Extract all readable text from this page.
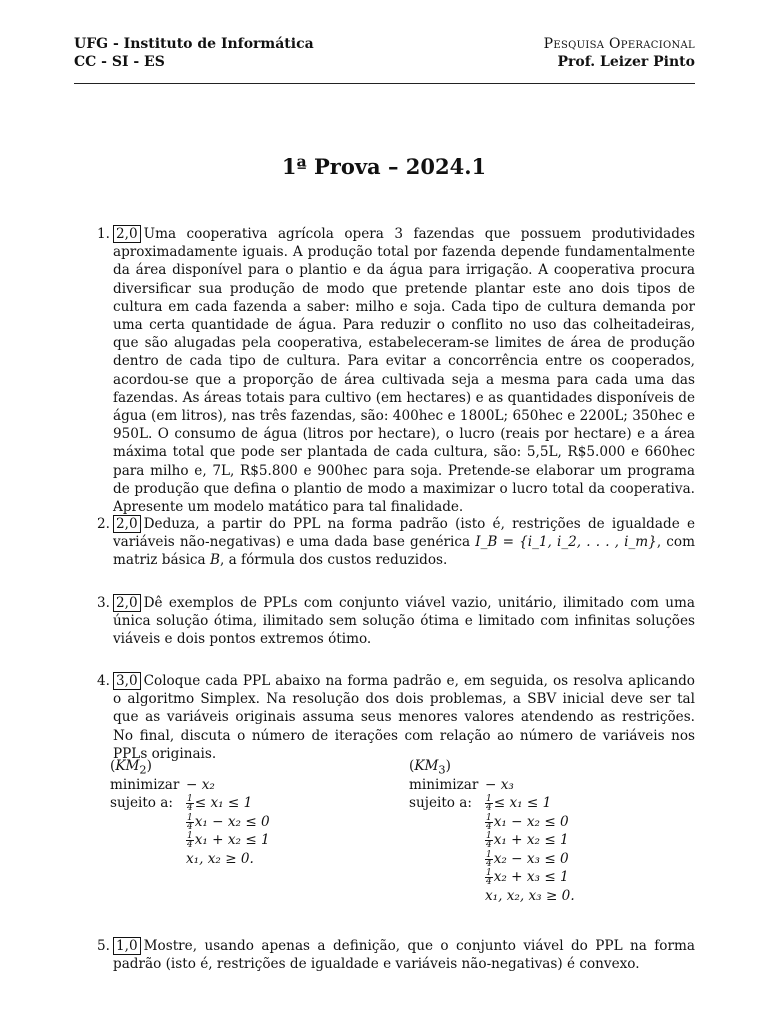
UFG - Instituto de Informática
CC - SI - ES
Pesquisa Operacional
Prof. Leizer Pinto
1ª Prova – 2024.1
1. 2,0 Uma cooperativa agrícola opera 3 fazendas que possuem produtividades aproximadamente iguais. A produção total por fazenda depende fundamentalmente da área disponível para o plantio e da água para irrigação. A cooperativa procura diversificar sua produção de modo que pretende plantar este ano dois tipos de cultura em cada fazenda a saber: milho e soja. Cada tipo de cultura demanda por uma certa quantidade de água. Para reduzir o conflito no uso das colheitadeiras, que são alugadas pela cooperativa, estabeleceram-se limites de área de produção dentro de cada tipo de cultura. Para evitar a concorrência entre os cooperados, acordou-se que a proporção de área cultivada seja a mesma para cada uma das fazendas. As áreas totais para cultivo (em hectares) e as quantidades disponíveis de água (em litros), nas três fazendas, são: 400hec e 1800L; 650hec e 2200L; 350hec e 950L. O consumo de água (litros por hectare), o lucro (reais por hectare) e a área máxima total que pode ser plantada de cada cultura, são: 5,5L, R$5.000 e 660hec para milho e, 7L, R$5.800 e 900hec para soja. Pretende-se elaborar um programa de produção que defina o plantio de modo a maximizar o lucro total da cooperativa. Apresente um modelo matático para tal finalidade.
2. 2,0 Deduza, a partir do PPL na forma padrão (isto é, restrições de igualdade e variáveis não-negativas) e uma dada base genérica I_B = {i_1, i_2, . . . , i_m}, com matriz básica B, a fórmula dos custos reduzidos.
3. 2,0 Dê exemplos de PPLs com conjunto viável vazio, unitário, ilimitado com uma única solução ótima, ilimitado sem solução ótima e limitado com infinitas soluções viáveis e dois pontos extremos ótimo.
4. 3,0 Coloque cada PPL abaixo na forma padrão e, em seguida, os resolva aplicando o algoritmo Simplex. Na resolução dos dois problemas, a SBV inicial deve ser tal que as variáveis originais assuma seus menores valores atendendo as restrições. No final, discuta o número de iterações com relação ao número de variáveis nos PPLs originais.
$(KM_2)$
minimizar − x₂
sujeito a: $\frac{1}{4} \le x_1 \le 1$
$\frac{1}{4} x_1 - x_2 \le 0$
$\frac{1}{4} x_1 + x_2 \le 1$
x₁, x₂ ≥ 0.
$(KM_3)$
minimizar − x₃
sujeito a: $\frac{1}{4} \le x_1 \le 1$
$\frac{1}{4} x_1 - x_2 \le 0$
$\frac{1}{4} x_1 + x_2 \le 1$
$\frac{1}{4} x_2 - x_3 \le 0$
$\frac{1}{4} x_2 + x_3 \le 1$
x₁, x₂, x₃ ≥ 0.
5. 1,0 Mostre, usando apenas a definição, que o conjunto viável do PPL na forma padrão (isto é, restrições de igualdade e variáveis não-negativas) é convexo.
